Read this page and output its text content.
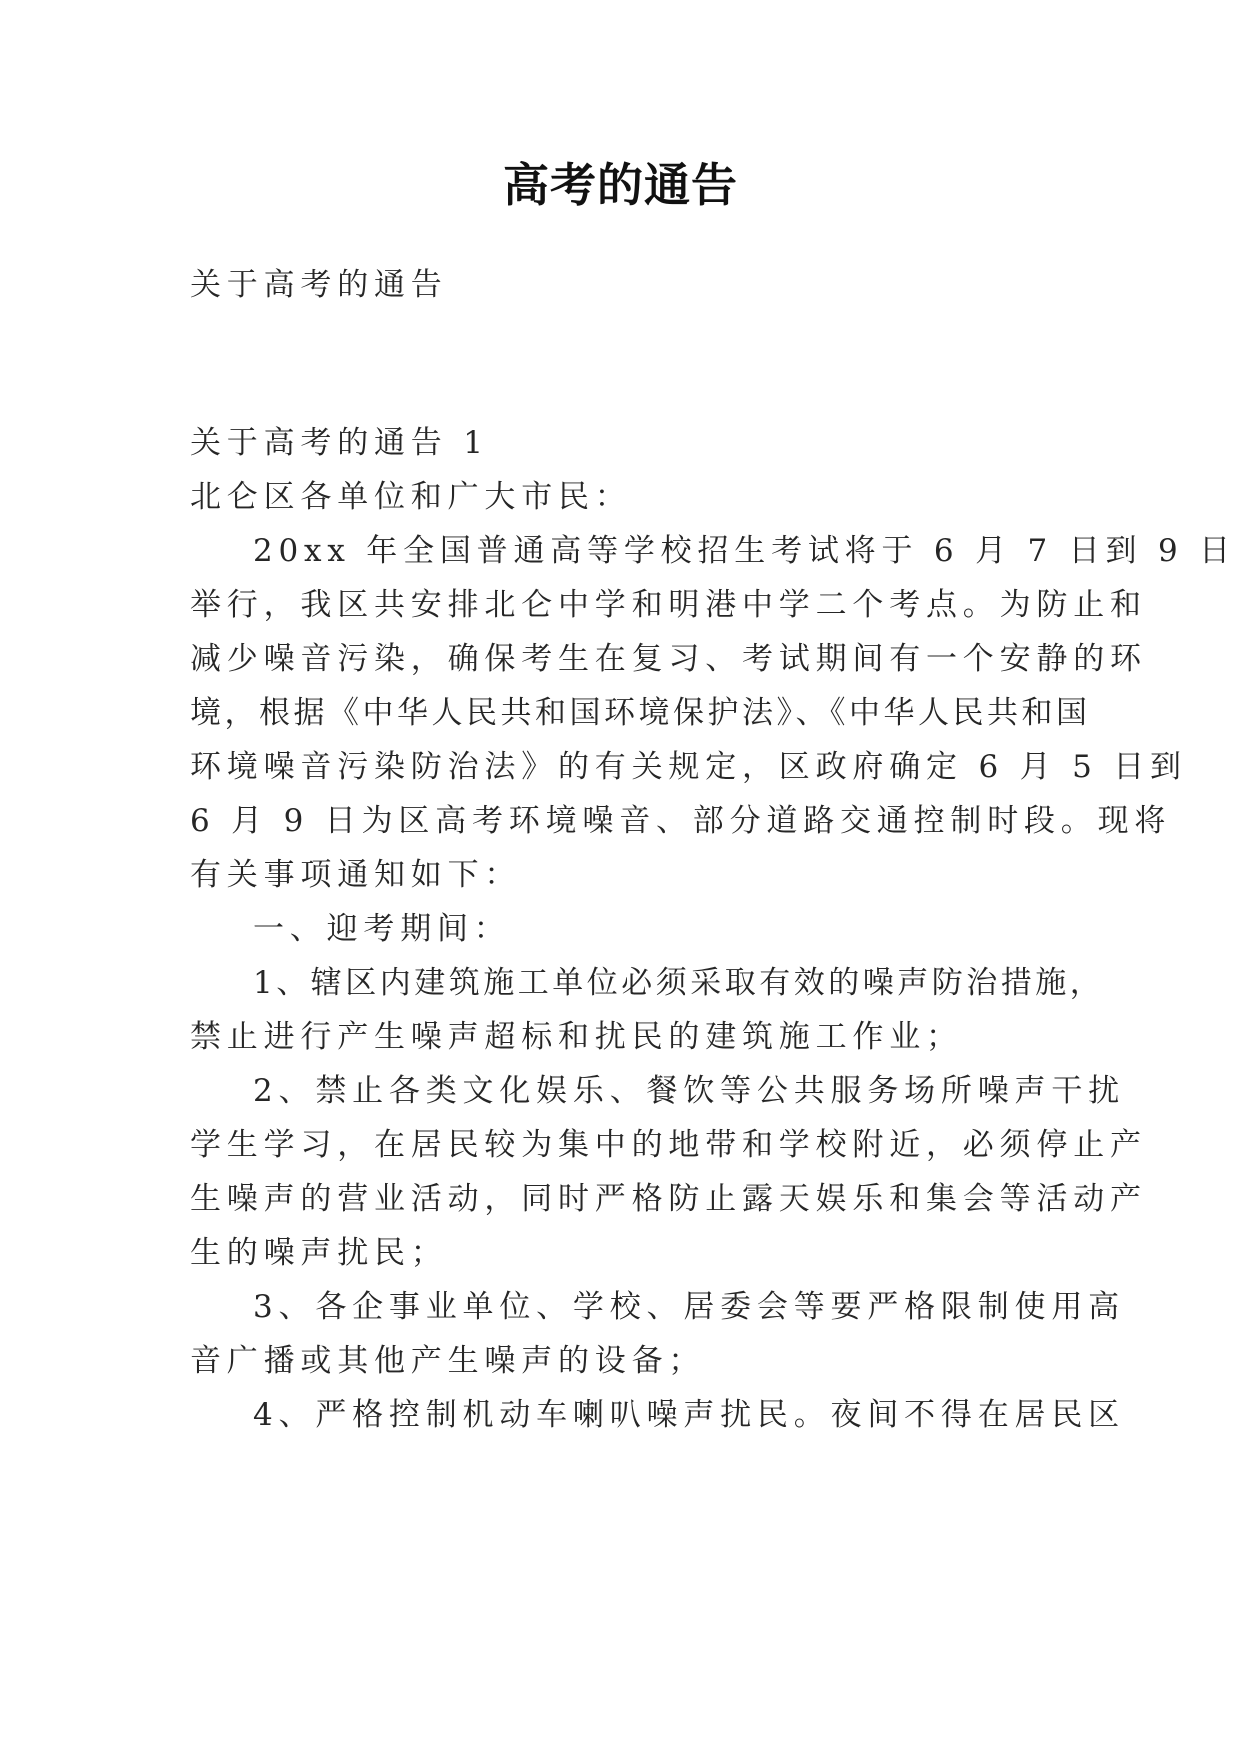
高考的通告
关于高考的通告
关于高考的通告 1
北仑区各单位和广大市民：
20xx 年全国普通高等学校招生考试将于 6 月 7 日到 9 日
举行，我区共安排北仑中学和明港中学二个考点。为防止和
减少噪音污染，确保考生在复习、考试期间有一个安静的环
境，根据《中华人民共和国环境保护法》、《中华人民共和国
环境噪音污染防治法》的有关规定，区政府确定 6 月 5 日到
6 月 9 日为区高考环境噪音、部分道路交通控制时段。现将
有关事项通知如下：
一、迎考期间：
1、辖区内建筑施工单位必须采取有效的噪声防治措施，
禁止进行产生噪声超标和扰民的建筑施工作业；
2、禁止各类文化娱乐、餐饮等公共服务场所噪声干扰
学生学习，在居民较为集中的地带和学校附近，必须停止产
生噪声的营业活动，同时严格防止露天娱乐和集会等活动产
生的噪声扰民；
3、各企事业单位、学校、居委会等要严格限制使用高
音广播或其他产生噪声的设备；
4、严格控制机动车喇叭噪声扰民。夜间不得在居民区
